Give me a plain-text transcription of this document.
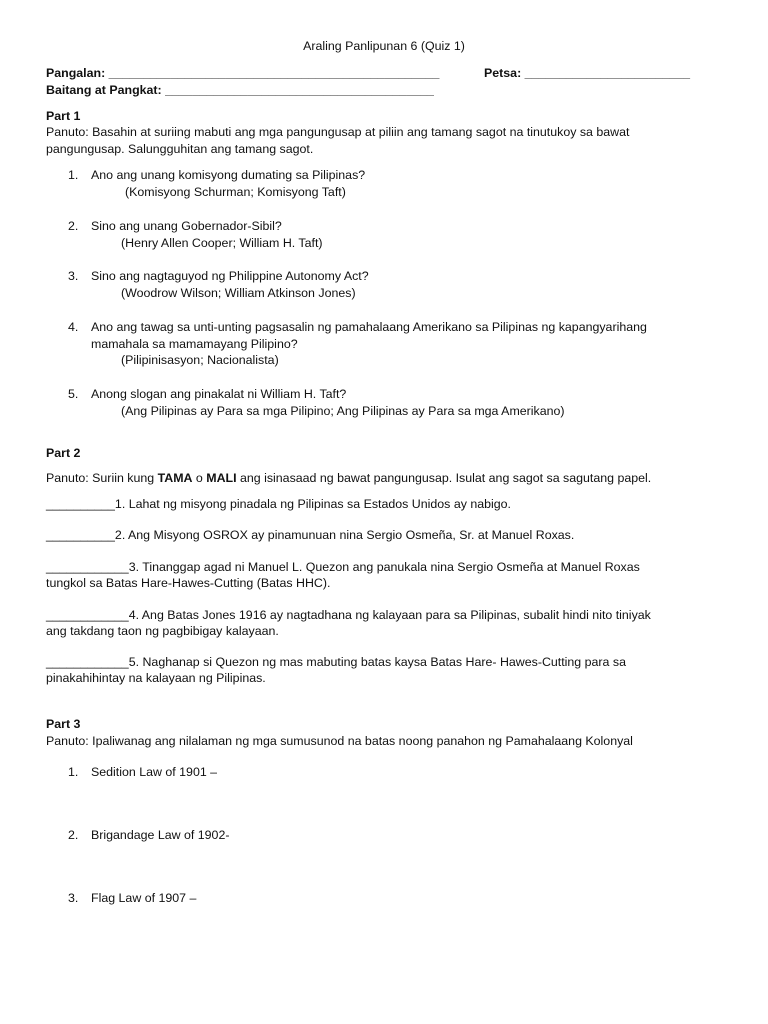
Araling Panlipunan 6 (Quiz 1)
Pangalan: ________________________________________________	Petsa: ________________________
Baitang at Pangkat: _______________________________________
Part 1
Panuto: Basahin at suriing mabuti ang mga pangungusap at piliin ang tamang sagot na tinutukoy sa bawat
pangungusap. Salungguhitan ang tamang sagot.
1. Ano ang unang komisyong dumating sa Pilipinas?
(Komisyong Schurman; Komisyong Taft)
2. Sino ang unang Gobernador-Sibil?
(Henry Allen Cooper; William H. Taft)
3. Sino ang nagtaguyod ng Philippine Autonomy Act?
(Woodrow Wilson; William Atkinson Jones)
4. Ano ang tawag sa unti-unting pagsasalin ng pamahalaang Amerikano sa Pilipinas ng kapangyarihang
mamahala sa mamamayang Pilipino?
(Pilipinisasyon; Nacionalista)
5. Anong slogan ang pinakalat ni William H. Taft?
(Ang Pilipinas ay Para sa mga Pilipino; Ang Pilipinas ay Para sa mga Amerikano)
Part 2
Panuto: Suriin kung TAMA o MALI ang isinasaad ng bawat pangungusap. Isulat ang sagot sa sagutang papel.
__________1. Lahat ng misyong pinadala ng Pilipinas sa Estados Unidos ay nabigo.
__________2. Ang Misyong OSROX ay pinamunuan nina Sergio Osmeña, Sr. at Manuel Roxas.
____________3. Tinanggap agad ni Manuel L. Quezon ang panukala nina Sergio Osmeña at Manuel Roxas
tungkol sa Batas Hare-Hawes-Cutting (Batas HHC).
____________4. Ang Batas Jones 1916 ay nagtadhana ng kalayaan para sa Pilipinas, subalit hindi nito tiniyak
ang takdang taon ng pagbibigay kalayaan.
____________5. Naghanap si Quezon ng mas mabuting batas kaysa Batas Hare- Hawes-Cutting para sa
pinakahihintay na kalayaan ng Pilipinas.
Part 3
Panuto: Ipaliwanag ang nilalaman ng mga sumusunod na batas noong panahon ng Pamahalaang Kolonyal
1. Sedition Law of 1901 –
2. Brigandage Law of 1902-
3. Flag Law of 1907 –
